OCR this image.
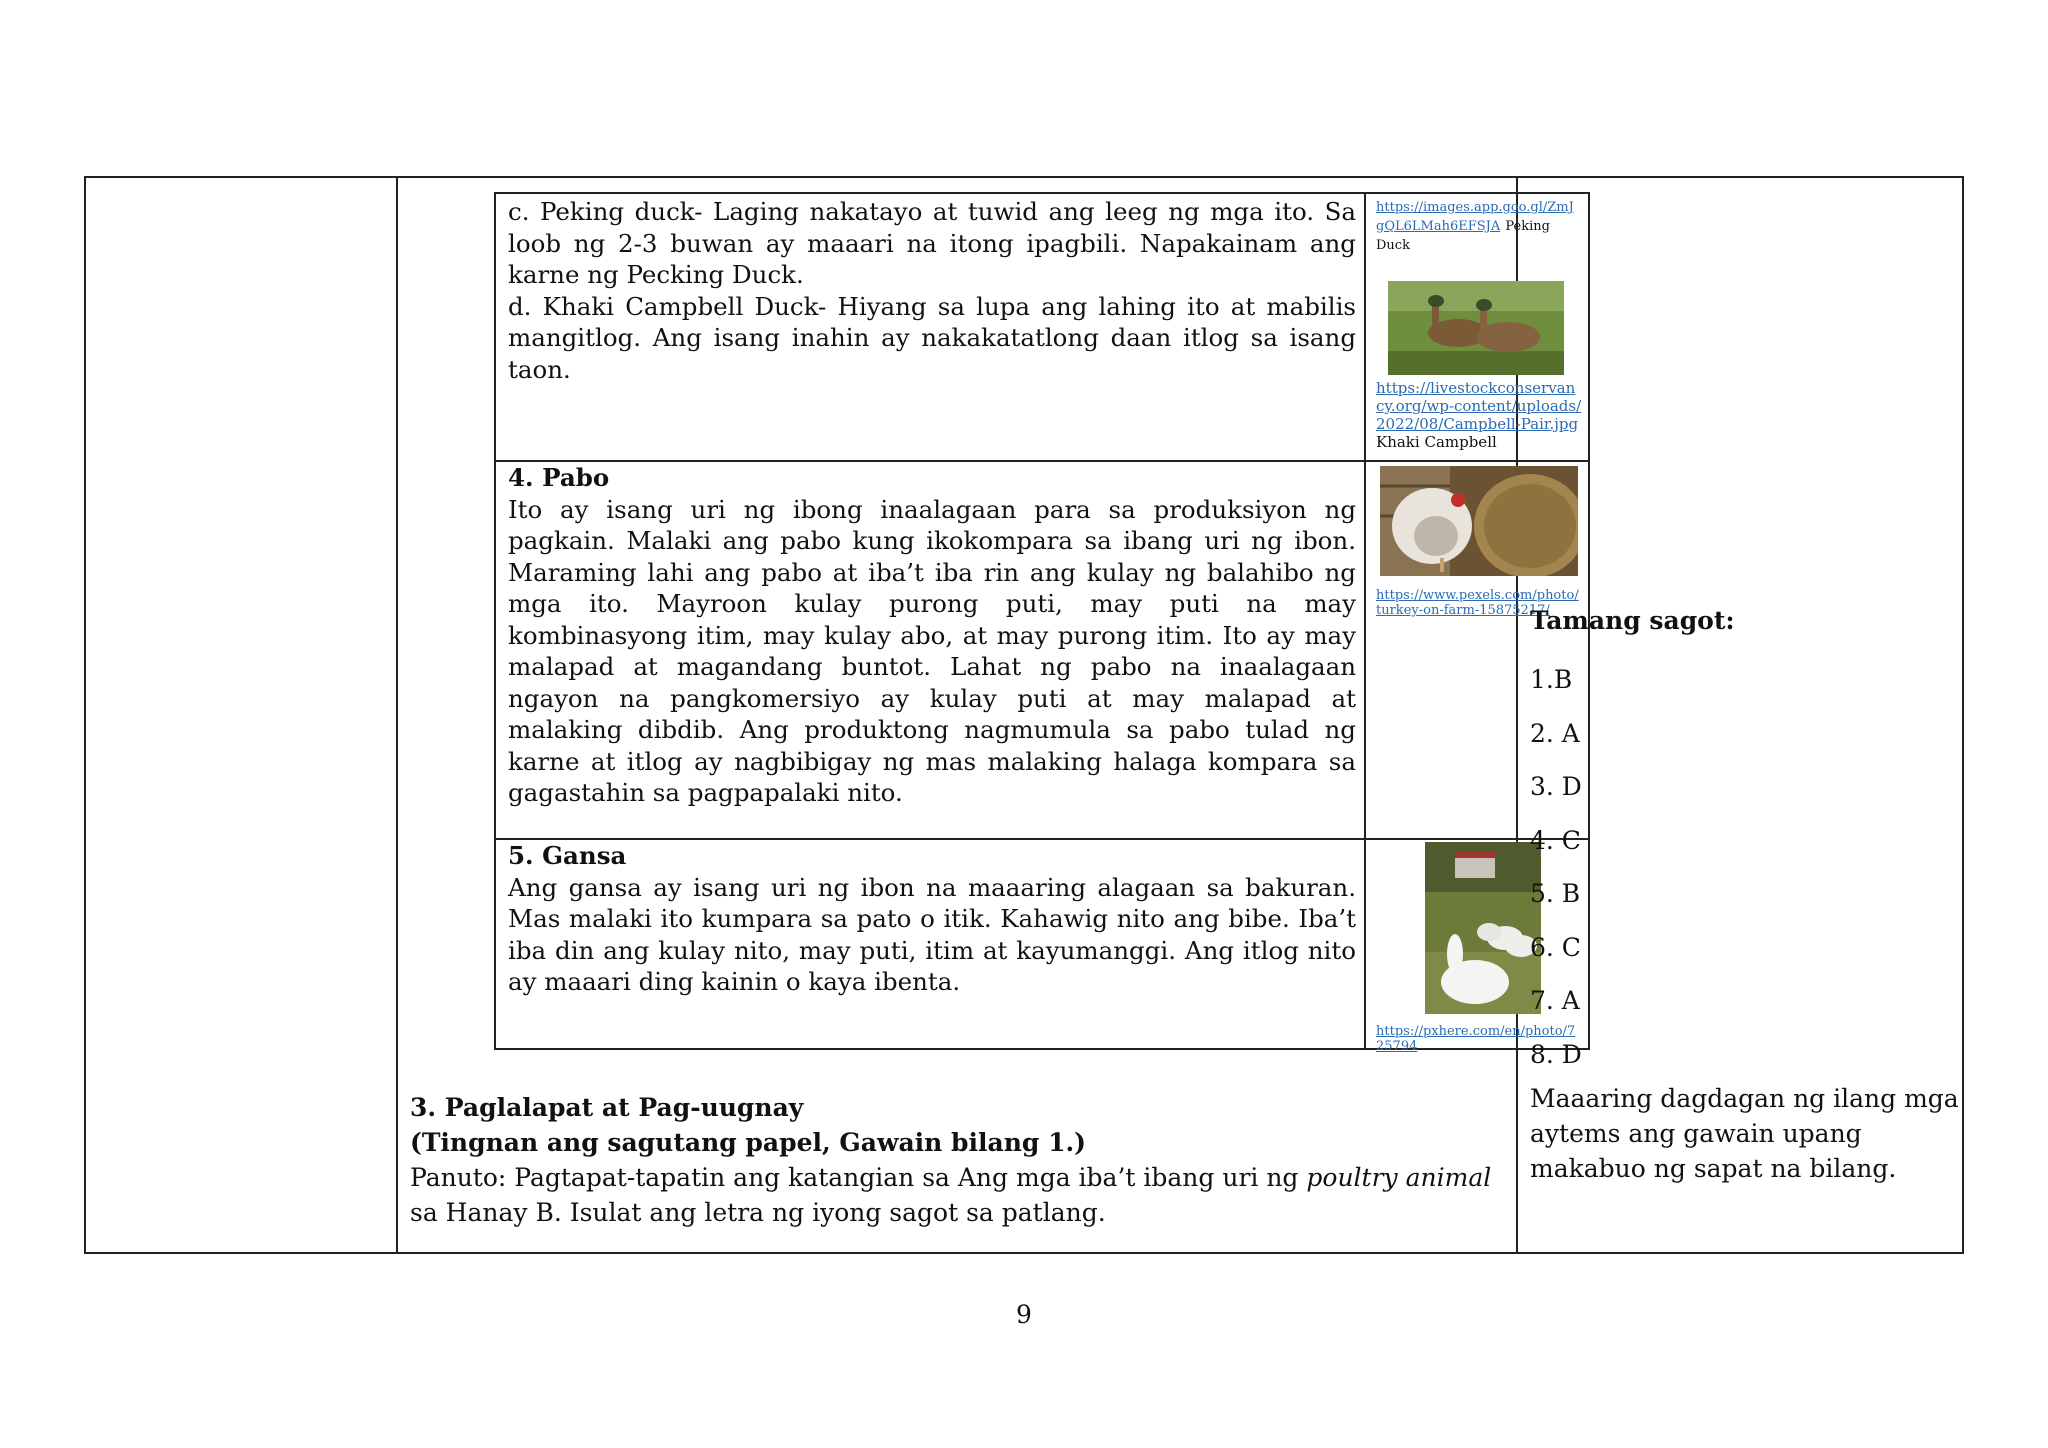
c. Peking duck- Laging nakatayo at tuwid ang leeg ng mga ito. Sa loob ng 2-3 buwan ay maaari na itong ipagbili. Napakainam ang karne ng Pecking Duck.
d. Khaki Campbell Duck- Hiyang sa lupa ang lahing ito at mabilis mangitlog. Ang isang inahin ay nakakatatlong daan itlog sa isang taon.
https://images.app.goo.gl/ZmJgQL6LMah6EFSJA Peking Duck
https://livestockconservancy.org/wp-content/uploads/2022/08/Campbell-Pair.jpg
Khaki Campbell
4. Pabo
Ito ay isang uri ng ibong inaalagaan para sa produksiyon ng pagkain. Malaki ang pabo kung ikokompara sa ibang uri ng ibon. Maraming lahi ang pabo at iba’t iba rin ang kulay ng balahibo ng mga ito. Mayroon kulay purong puti, may puti na may kombinasyong itim, may kulay abo, at may purong itim. Ito ay may malapad at magandang buntot. Lahat ng pabo na inaalagaan ngayon na pangkomersiyo ay kulay puti at may malapad at malaking dibdib. Ang produktong nagmumula sa pabo tulad ng karne at itlog ay nagbibigay ng mas malaking halaga kompara sa gagastahin sa pagpapalaki nito.
https://www.pexels.com/photo/turkey-on-farm-15875217/
5. Gansa
Ang gansa ay isang uri ng ibon na maaaring alagaan sa bakuran. Mas malaki ito kumpara sa pato o itik. Kahawig nito ang bibe. Iba’t iba din ang kulay nito, may puti, itim at kayumanggi. Ang itlog nito ay maaari ding kainin o kaya ibenta.
https://pxhere.com/en/photo/725794
3. Paglalapat at Pag-uugnay
(Tingnan ang sagutang papel, Gawain bilang 1.)
Panuto: Pagtapat-tapatin ang katangian sa Ang mga iba’t ibang uri ng poultry animal sa Hanay B. Isulat ang letra ng iyong sagot sa patlang.
Tamang sagot:
1.B
2. A
3. D
4. C
5. B
6. C
7. A
8. D
Maaaring dagdagan ng ilang mga aytems ang gawain upang makabuo ng sapat na bilang.
9
